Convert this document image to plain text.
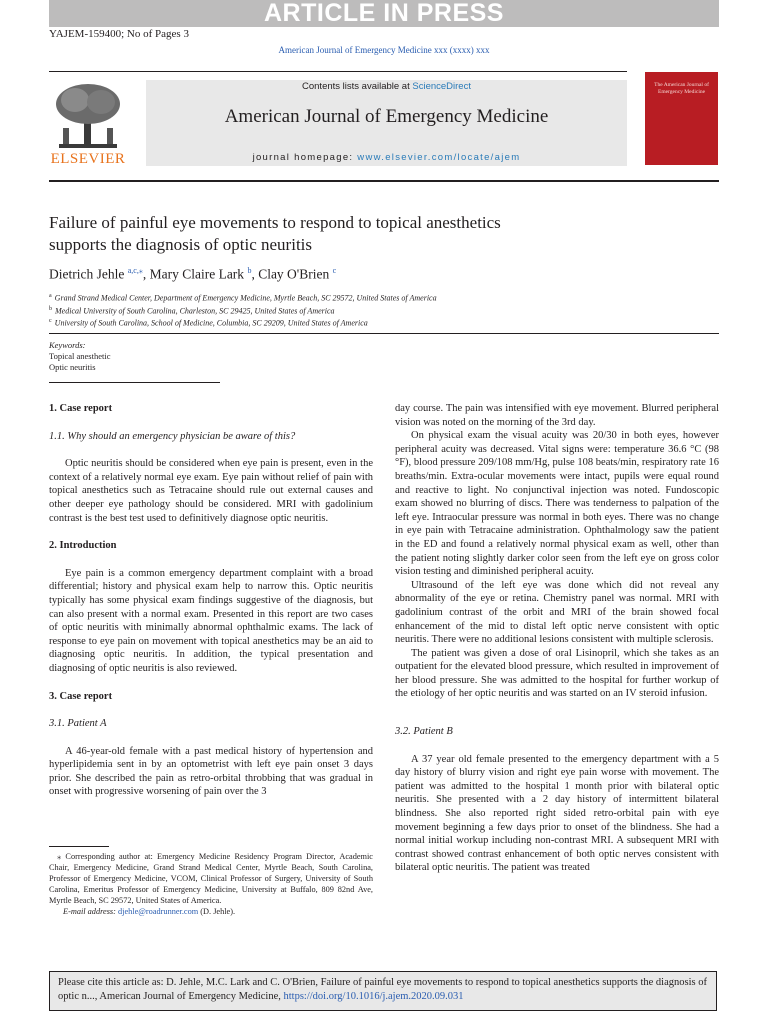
ARTICLE IN PRESS
YAJEM-159400; No of Pages 3
American Journal of Emergency Medicine xxx (xxxx) xxx
ELSEVIER
Contents lists available at ScienceDirect
American Journal of Emergency Medicine
journal homepage: www.elsevier.com/locate/ajem
The American Journal of Emergency Medicine
Failure of painful eye movements to respond to topical anesthetics
supports the diagnosis of optic neuritis
Dietrich Jehle $^{a,c,⁎}$, Mary Claire Lark $^b$, Clay O'Brien $^c$
$^a$ Grand Strand Medical Center, Department of Emergency Medicine, Myrtle Beach, SC 29572, United States of America
$^b$ Medical University of South Carolina, Charleston, SC 29425, United States of America
$^c$ University of South Carolina, School of Medicine, Columbia, SC 29209, United States of America
Keywords:
Topical anesthetic
Optic neuritis
1. Case report
1.1. Why should an emergency physician be aware of this?

Optic neuritis should be considered when eye pain is present, even in the context of a relatively normal eye exam. Eye pain without relief of pain with topical anesthetics such as Tetracaine should rule out external causes and other deeper eye pathology should be considered. MRI with gadolinium contrast is the best test used to definitively diagnose optic neuritis.

2. Introduction

Eye pain is a common emergency department complaint with a broad differential; history and physical exam help to narrow this. Optic neuritis typically has some physical exam findings suggestive of the diagnosis, but can also present with a normal exam. Presented in this report are two cases of optic neuritis with minimally abnormal ophthalmic exams. The lack of response to eye pain on movement with topical anesthetics may be an aid to diagnosing optic neuritis. In addition, the typical presentation and diagnosing of optic neuritis is also reviewed.

3. Case report
3.1. Patient A

A 46-year-old female with a past medical history of hypertension and hyperlipidemia sent in by an optometrist with left eye pain onset 3 days prior. She described the pain as retro-orbital throbbing that was gradual in onset with progressive worsening of pain over the 3

day course. The pain was intensified with eye movement. Blurred peripheral vision was noted on the morning of the 3rd day.

On physical exam the visual acuity was 20/30 in both eyes, however peripheral acuity was decreased. Vital signs were: temperature 36.6 °C (98 °F), blood pressure 209/108 mm/Hg, pulse 108 beats/min, respiratory rate 16 breaths/min. Extra-ocular movements were intact, pupils were equal round and reactive to light. No conjunctival injection was noted. Fundoscopic exam showed no blurring of discs. There was tenderness to palpation of the left eye. Intraocular pressure was normal in both eyes. There was no change in eye pain with Tetracaine administration. Ophthalmology saw the patient in the ED and found a relatively normal physical exam as well, other than the patient noting slightly darker color seen from the left eye on gross color vision testing and diminished peripheral acuity.

Ultrasound of the left eye was done which did not reveal any abnormality of the eye or retina. Chemistry panel was normal. MRI with gadolinium contrast of the orbit and MRI of the brain showed focal enhancement of the mid to distal left optic nerve consistent with optic neuritis. There were no additional lesions consistent with multiple sclerosis.

The patient was given a dose of oral Lisinopril, which she takes as an outpatient for the elevated blood pressure, which resulted in improvement of her blood pressure. She was admitted to the hospital for further workup of the etiology of her optic neuritis and was started on an IV steroid infusion.

3.2. Patient B

A 37 year old female presented to the emergency department with a 5 day history of blurry vision and right eye pain worse with movement. The patient was admitted to the hospital 1 month prior with bilateral optic neuritis. She presented with a 2 day history of intermittent bilateral blindness. She also reported right sided retro-orbital pain with eye movement beginning a few days prior to onset of the blindness. She had a normal initial workup including non-contrast MRI. A subsequent MRI with contrast showed contrast enhancement of both optic nerves consistent with bilateral optic neuritis. The patient was treated

⁎ Corresponding author at: Emergency Medicine Residency Program Director, Academic Chair, Emergency Medicine, Grand Strand Medical Center, Myrtle Beach, South Carolina, Professor of Emergency Medicine, VCOM, Clinical Professor of Surgery, University of South Carolina, Emeritus Professor of Emergency Medicine, University at Buffalo, 809 82nd Ave, Myrtle Beach, SC 29572, United States of America.
E-mail address: djehle@roadrunner.com (D. Jehle).
Please cite this article as: D. Jehle, M.C. Lark and C. O'Brien, Failure of painful eye movements to respond to topical anesthetics supports the diagnosis of optic n..., American Journal of Emergency Medicine, https://doi.org/10.1016/j.ajem.2020.09.031
